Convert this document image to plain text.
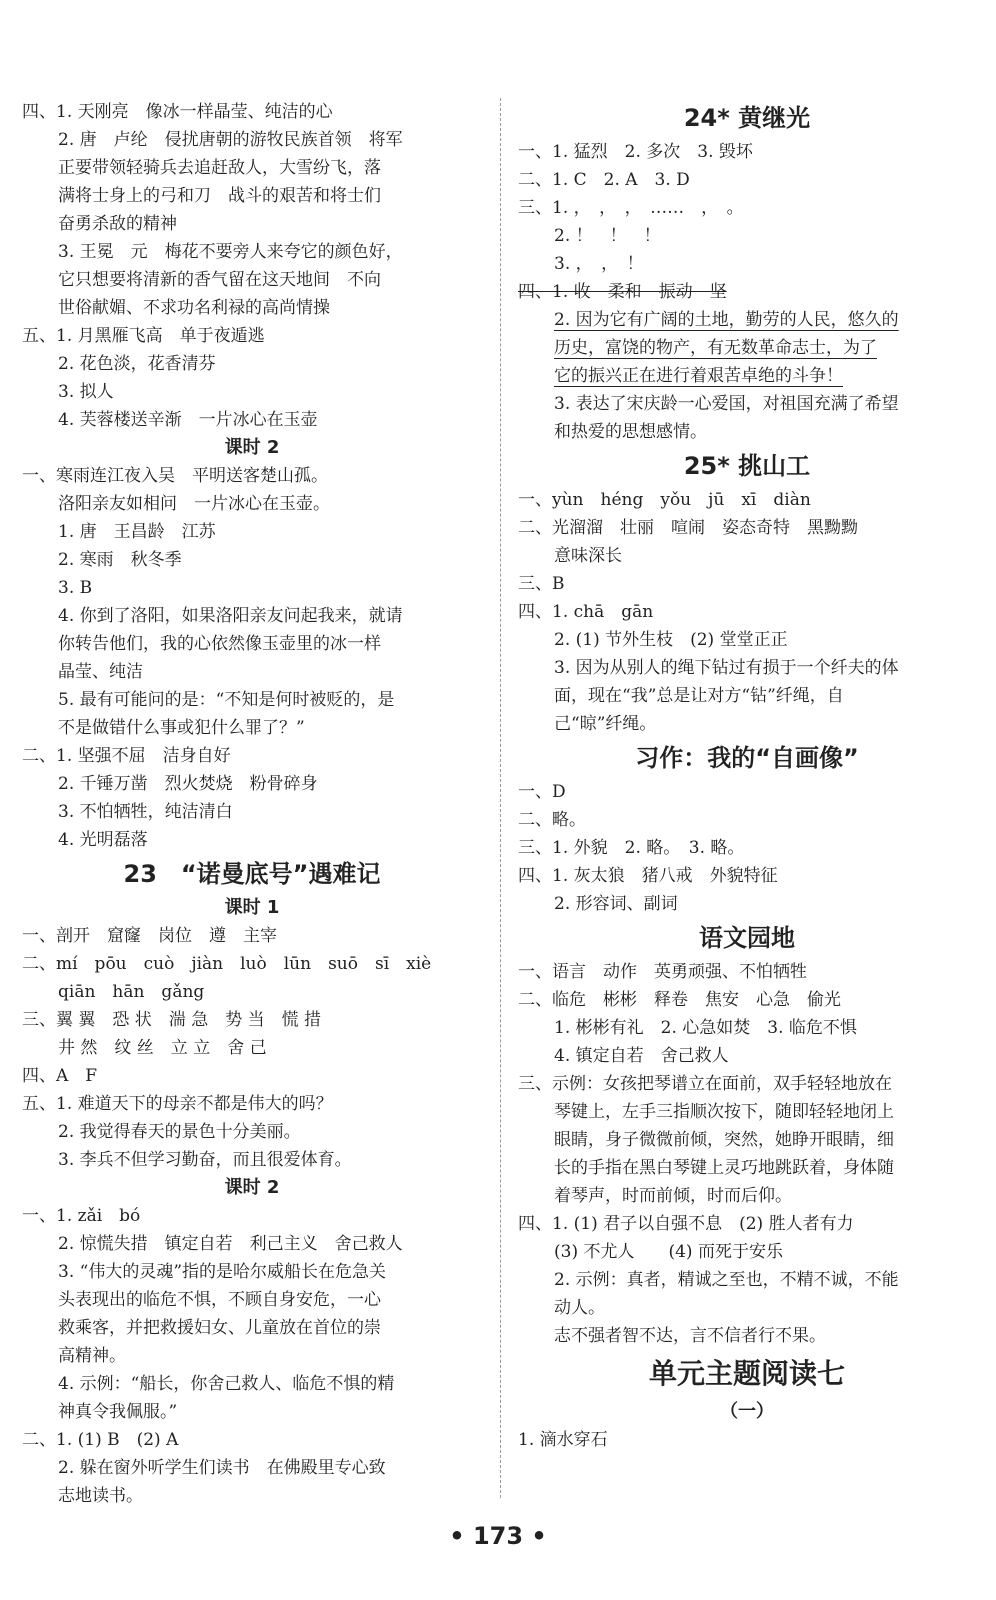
四、1. 天刚亮　像冰一样晶莹、纯洁的心
2. 唐　卢纶　侵扰唐朝的游牧民族首领　将军
正要带领轻骑兵去追赶敌人，大雪纷飞，落
满将士身上的弓和刀　战斗的艰苦和将士们
奋勇杀敌的精神
3. 王冕　元　梅花不要旁人来夸它的颜色好，
它只想要将清新的香气留在这天地间　不向
世俗献媚、不求功名利禄的高尚情操
五、1. 月黑雁飞高　单于夜遁逃
2. 花色淡，花香清芬
3. 拟人
4. 芙蓉楼送辛渐　一片冰心在玉壶
课时 2
一、寒雨连江夜入吴　平明送客楚山孤。
洛阳亲友如相问　一片冰心在玉壶。
1. 唐　王昌龄　江苏
2. 寒雨　秋冬季
3. B
4. 你到了洛阳，如果洛阳亲友问起我来，就请
你转告他们，我的心依然像玉壶里的冰一样
晶莹、纯洁
5. 最有可能问的是：“不知是何时被贬的，是
不是做错什么事或犯什么罪了？”
二、1. 坚强不屈　洁身自好
2. 千锤万凿　烈火焚烧　粉骨碎身
3. 不怕牺牲，纯洁清白
4. 光明磊落
23　“诺曼底号”遇难记
课时 1
一、剖开　窟窿　岗位　遵　主宰
二、mí　pōu　cuò　jiàn　luò　lūn　suō　sī　xiè
qiān　hān　gǎng
三、翼 翼　恐 状　湍 急　势 当　慌 措
井 然　纹 丝　立 立　舍 己
四、A　F
五、1. 难道天下的母亲不都是伟大的吗？
2. 我觉得春天的景色十分美丽。
3. 李兵不但学习勤奋，而且很爱体育。
课时 2
一、1. zǎi　bó
2. 惊慌失措　镇定自若　利己主义　舍己救人
3. “伟大的灵魂”指的是哈尔威船长在危急关
头表现出的临危不惧，不顾自身安危，一心
救乘客，并把救援妇女、儿童放在首位的崇
高精神。
4. 示例：“船长，你舍己救人、临危不惧的精
神真令我佩服。”
二、1. (1) B　(2) A
2. 躲在窗外听学生们读书　在佛殿里专心致
志地读书。
24* 黄继光
一、1. 猛烈　2. 多次　3. 毁坏
二、1. C　2. A　3. D
三、1. ，　，　，　……　，　。
2. ！　！　！
3. ，　，　！
四、1. 收　柔和　振动　坚
2. 因为它有广阔的土地，勤劳的人民，悠久的
历史，富饶的物产，有无数革命志士，为了
它的振兴正在进行着艰苦卓绝的斗争！
3. 表达了宋庆龄一心爱国，对祖国充满了希望
和热爱的思想感情。
25* 挑山工
一、yùn　héng　yǒu　jū　xī　diàn
二、光溜溜　壮丽　喧闹　姿态奇特　黑黝黝
意味深长
三、B
四、1. chā　gān
2. (1) 节外生枝　(2) 堂堂正正
3. 因为从别人的绳下钻过有损于一个纤夫的体
面，现在“我”总是让对方“钻”纤绳，自
己“晾”纤绳。
习作：我的“自画像”
一、D
二、略。
三、1. 外貌　2. 略。　3. 略。
四、1. 灰太狼　猪八戒　外貌特征
2. 形容词、副词
语文园地
一、语言　动作　英勇顽强、不怕牺牲
二、临危　彬彬　释卷　焦安　心急　偷光
1. 彬彬有礼　2. 心急如焚　3. 临危不惧
4. 镇定自若　舍己救人
三、示例：女孩把琴谱立在面前，双手轻轻地放在
琴键上，左手三指顺次按下，随即轻轻地闭上
眼睛，身子微微前倾，突然，她睁开眼睛，细
长的手指在黑白琴键上灵巧地跳跃着，身体随
着琴声，时而前倾，时而后仰。
四、1. (1) 君子以自强不息　(2) 胜人者有力
(3) 不尤人　　(4) 而死于安乐
2. 示例：真者，精诚之至也，不精不诚，不能
动人。
志不强者智不达，言不信者行不果。
单元主题阅读七
（一）
1. 滴水穿石
• 173 •
